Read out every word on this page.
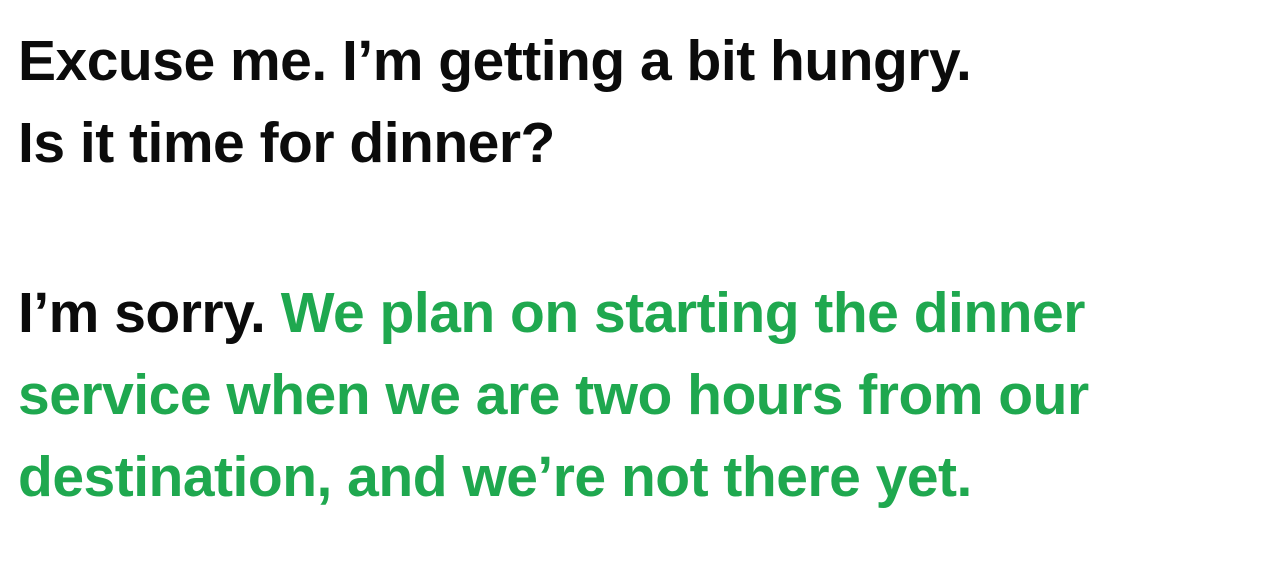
Excuse me. I’m getting a bit hungry.
Is it time for dinner?

I’m sorry. We plan on starting the dinner
service when we are two hours from our
destination, and we’re not there yet.
